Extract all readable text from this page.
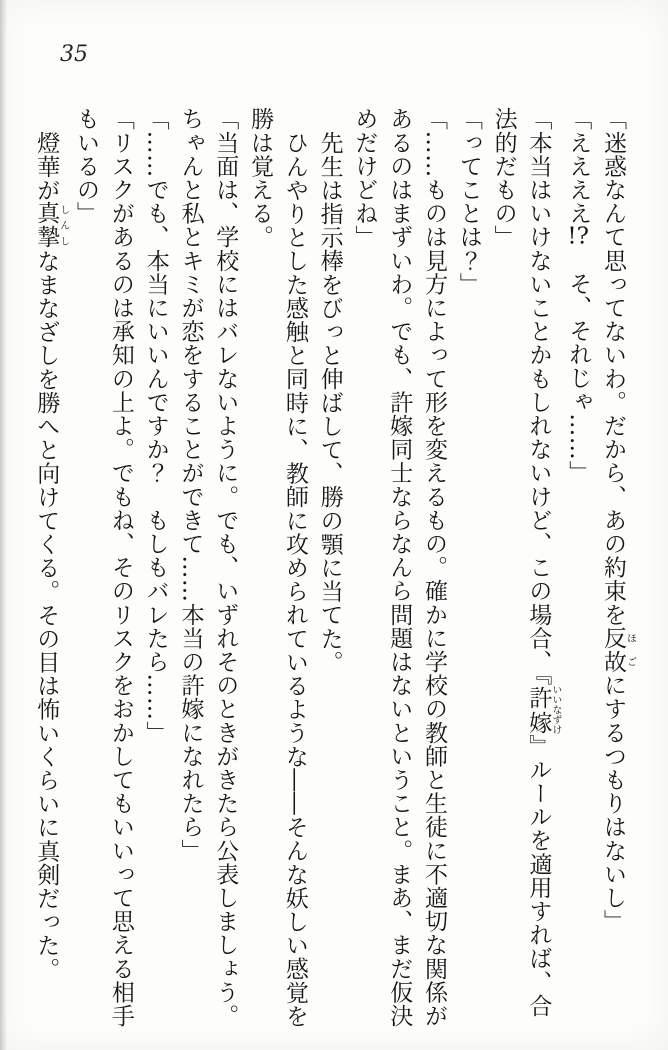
35

「迷惑なんて思ってないわ。だから、あの約束を反故ほごにするつもりはないし」

「ええええ!?　そ、それじゃ……」

「本当はいけないことかもしれないけど、この場合、『許嫁いいなずけ』ルールを適用すれば、合法的だもの」

「ってことは？」

「……ものは見方によって形を変えるもの。確かに学校の教師と生徒に不適切な関係があるのはまずいわ。でも、許嫁同士ならなんら問題はないということ。まあ、まだ仮決めだけどね」

先生は指示棒をびっと伸ばして、勝の顎に当てた。

ひんやりとした感触と同時に、教師に攻められているような――そんな妖しい感覚を勝は覚える。

「当面は、学校にはバレないように。でも、いずれそのときがきたら公表しましょう。ちゃんと私とキミが恋をすることができて……本当の許嫁になれたら」

「……でも、本当にいいんですか？　もしもバレたら……」

「リスクがあるのは承知の上よ。でもね、そのリスクをおかしてもいいって思える相手もいるの」

燈華が真摯しんしなまなざしを勝へと向けてくる。その目は怖いくらいに真剣だった。
